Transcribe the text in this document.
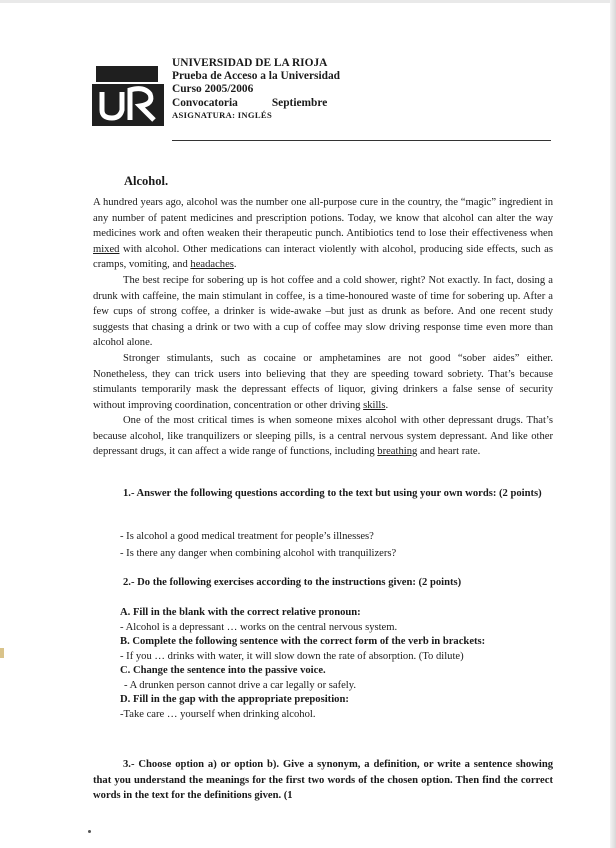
UNIVERSIDAD DE LA RIOJA
Prueba de Acceso a la Universidad
Curso 2005/2006
Convocatoria	Septiembre
ASIGNATURA: INGLÉS
Alcohol.

A hundred years ago, alcohol was the number one all-purpose cure in the country, the “magic” ingredient in any number of patent medicines and prescription potions. Today, we know that alcohol can alter the way medicines work and often weaken their therapeutic punch. Antibiotics tend to lose their effectiveness when mixed with alcohol. Other medications can interact violently with alcohol, producing side effects, such as cramps, vomiting, and headaches.

The best recipe for sobering up is hot coffee and a cold shower, right? Not exactly. In fact, dosing a drunk with caffeine, the main stimulant in coffee, is a time-honoured waste of time for sobering up. After a few cups of strong coffee, a drinker is wide-awake –but just as drunk as before. And one recent study suggests that chasing a drink or two with a cup of coffee may slow driving response time even more than alcohol alone.

Stronger stimulants, such as cocaine or amphetamines are not good “sober aides” either. Nonetheless, they can trick users into believing that they are speeding toward sobriety. That’s because stimulants temporarily mask the depressant effects of liquor, giving drinkers a false sense of security without improving coordination, concentration or other driving skills.

One of the most critical times is when someone mixes alcohol with other depressant drugs. That’s because alcohol, like tranquilizers or sleeping pills, is a central nervous system depressant. And like other depressant drugs, it can affect a wide range of functions, including breathing and heart rate.

1.- Answer the following questions according to the text but using your own words: (2 points)
- Is alcohol a good medical treatment for people’s illnesses?
- Is there any danger when combining alcohol with tranquilizers?
2.- Do the following exercises according to the instructions given: (2 points)
A. Fill in the blank with the correct relative pronoun:
- Alcohol is a depressant … works on the central nervous system.
B. Complete the following sentence with the correct form of the verb in brackets:
- If you … drinks with water, it will slow down the rate of absorption. (To dilute)
C. Change the sentence into the passive voice.
- A drunken person cannot drive a car legally or safely.
D. Fill in the gap with the appropriate preposition:
-Take care … yourself when drinking alcohol.
3.- Choose option a) or option b). Give a synonym, a definition, or write a sentence showing that you understand the meanings for the first two words of the chosen option. Then find the correct words in the text for the definitions given. (1
